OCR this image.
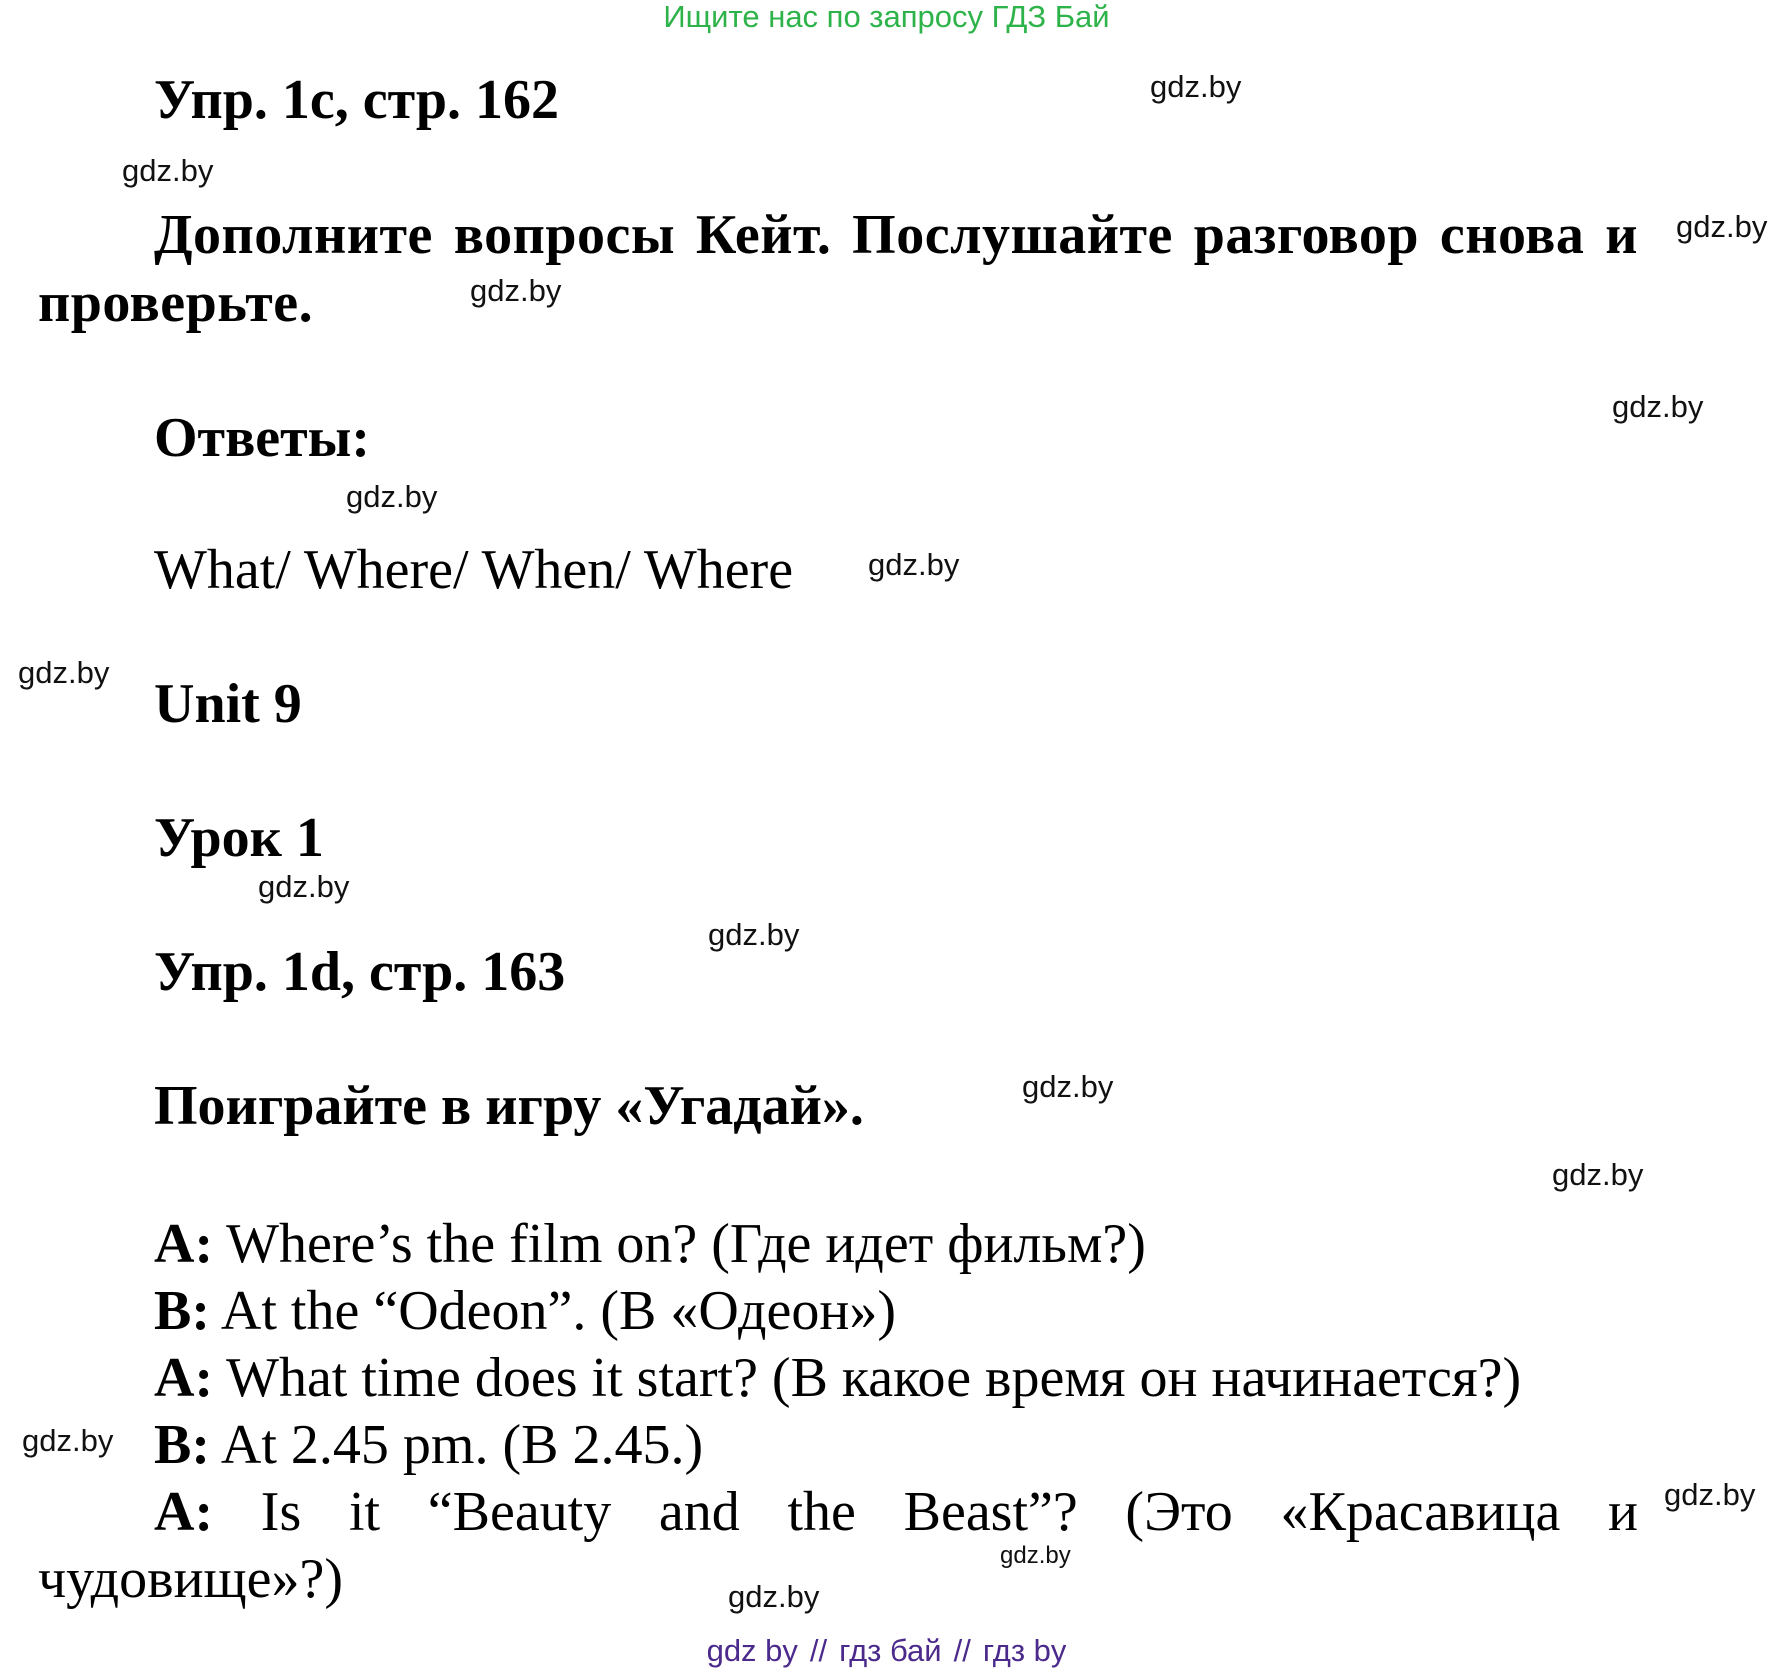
Ищите нас по запросу ГДЗ Бай
Упр. 1c, стр. 162

Дополните вопросы Кейт. Послушайте разговор снова и проверьте.

Ответы:

What/ Where/ When/ Where

Unit 9
Урок 1
Упр. 1d, стр. 163

Поиграйте в игру «Угадай».

A: Where’s the film on? (Где идет фильм?)
B: At the “Odeon”. (В «Одеон»)
A: What time does it start? (В какое время он начинается?)
B: At 2.45 pm. (В 2.45.)
A: Is it “Beauty and the Beast”? (Это «Красавица и чудовище»?)
gdz.by
gdz.by
gdz.by
gdz.by
gdz.by
gdz.by
gdz.by
gdz.by
gdz.by
gdz.by
gdz.by
gdz.by
gdz.by
gdz.by
gdz.by
gdz.by
gdz by // гдз бай // гдз by
